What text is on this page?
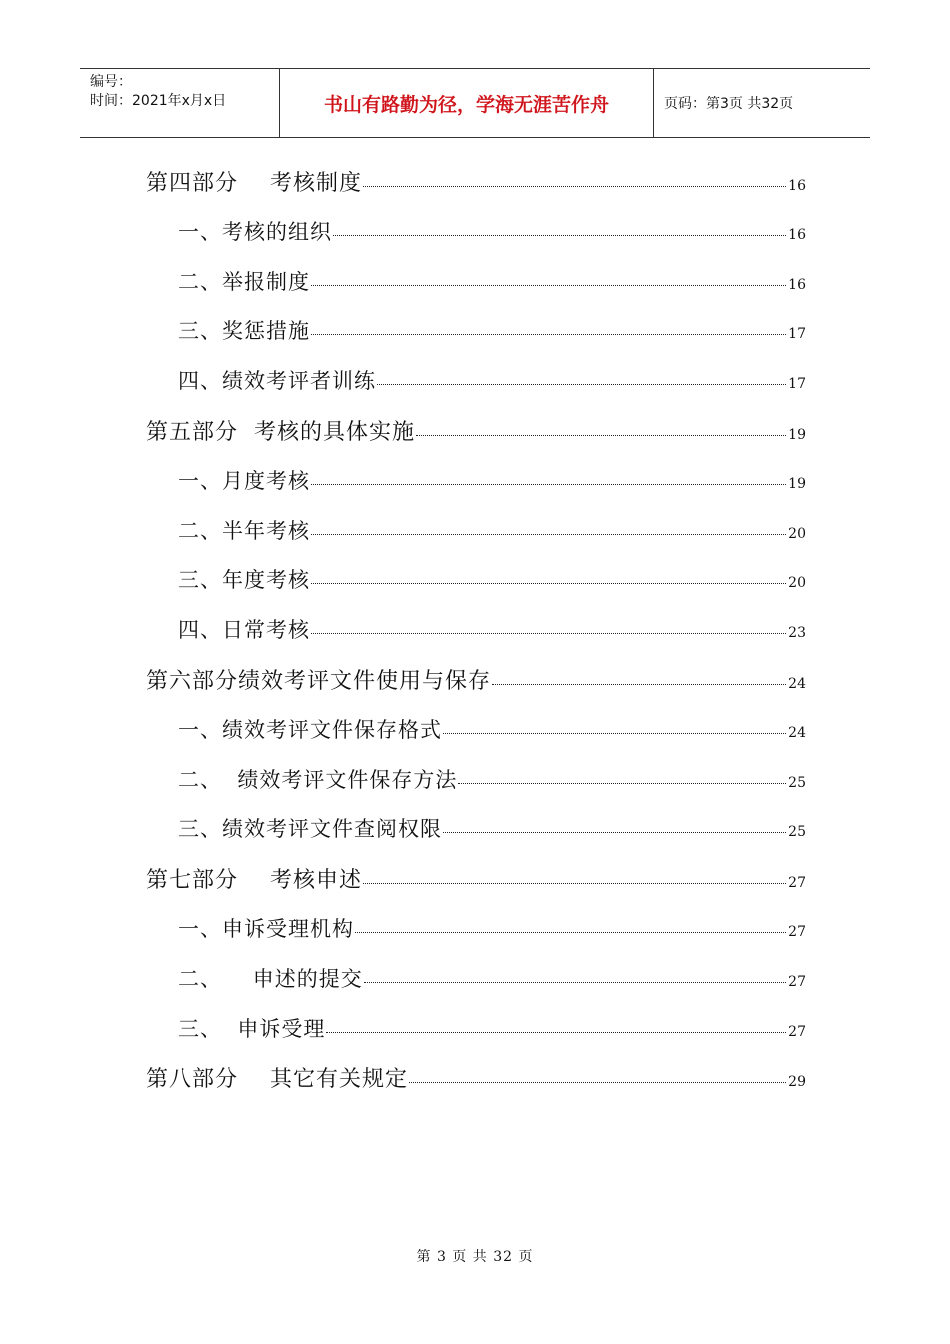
编号：
时间：2021年x月x日	书山有路勤为径，学海无涯苦作舟	页码：第3页 共32页
第四部分    考核制度	16
一、考核的组织	16
二、举报制度	16
三、奖惩措施	17
四、绩效考评者训练	17
第五部分  考核的具体实施	19
一、月度考核	19
二、半年考核	20
三、年度考核	20
四、日常考核	23
第六部分绩效考评文件使用与保存	24
一、绩效考评文件保存格式	24
二、  绩效考评文件保存方法	25
三、绩效考评文件查阅权限	25
第七部分    考核申述	27
一、申诉受理机构	27
二、    申述的提交	27
三、  申诉受理	27
第八部分    其它有关规定	29
第 3 页 共 32 页
